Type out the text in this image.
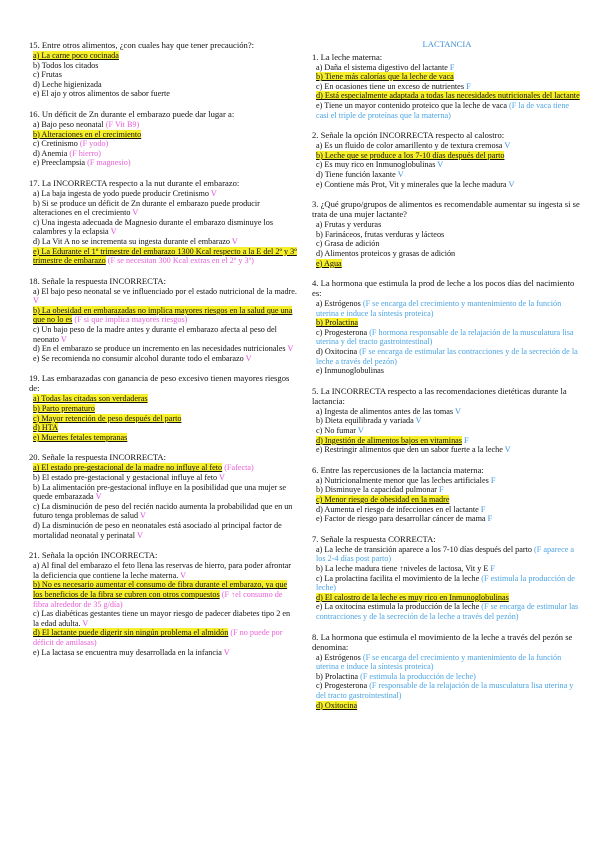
15. Entre otros alimentos, ¿con cuales hay que tener precaución?:
a) La carne poco cocinada
b) Todos los citados
c) Frutas
d) Leche higienizada
e) El ajo y otros alimentos de sabor fuerte
16. Un déficit de Zn durante el embarazo puede dar lugar a:
a) Bajo peso neonatal (F Vit B9)
b) Alteraciones en el crecimiento
c) Cretinismo (F yodo)
d) Anemia (F hierro)
e) Preeclampsia (F magnesio)
17. La INCORRECTA respecto a la nut durante el embarazo:
a) La baja ingesta de yodo puede producir Cretinismo V
b) Si se produce un déficit de Zn durante el embarazo puede producir alteraciones en el crecimiento V
c) Una ingesta adecuada de Magnesio durante el embarazo disminuye los calambres y la eclapsia V
d) La Vit A no se incrementa su ingesta durante el embarazo V
e) La Edurante el 1º trimestre del embarazo 1300 Kcal respecto a la E del 2º y 3º trimestre de embarazo (F se necesitan 300 Kcal extras en el 2º y 3º)
18. Señale la respuesta INCORRECTA:
a) El bajo peso neonatal se ve influenciado por el estado nutricional de la madre. V
b) La obesidad en embarazadas no implica mayores riesgos en la salud que una que no lo es (F si que implica mayores riesgos)
c) Un bajo peso de la madre antes y durante el embarazo afecta al peso del neonato V
d) En el embarazo se produce un incremento en las necesidades nutricionales V
e) Se recomienda no consumir alcohol durante todo el embarazo V
19. Las embarazadas con ganancia de peso excesivo tienen mayores riesgos de:
a) Todas las citadas son verdaderas
b) Parto prematuro
c) Mayor retención de peso después del parto
d) HTA
e) Muertes fetales tempranas
20. Señale la respuesta INCORRECTA:
a) El estado pre-gestacional de la madre no influye al feto (Fafecta)
b) El estado pre-gestacional y gestacional influye al feto V
b) La alimentación pre-gestacional influye en la posibilidad que una mujer se quede embarazada V
c) La disminución de peso del recién nacido aumenta la probabilidad que en un futuro tenga problemas de salud V
d) La disminución de peso en neonatales está asociado al principal factor de mortalidad neonatal y perinatal V
21. Señala la opción INCORRECTA:
a) Al final del embarazo el feto llena las reservas de hierro, para poder afrontar la deficiencia que contiene la leche materna. V
b) No es necesario aumentar el consumo de fibra durante el embarazo, ya que los beneficios de la fibra se cubren con otros compuestos (F ↑el consumo de fibra alrededor de 35 g/día)
c) Las diabéticas gestantes tiene un mayor riesgo de padecer diabetes tipo 2 en la edad adulta. V
d) El lactante puede digerir sin ningún problema el almidón (F no puede por déficit de amilasas)
e) La lactasa se encuentra muy desarrollada en la infancia V
LACTANCIA
1. La leche materna:
a) Daña el sistema digestivo del lactante F
b) Tiene más calorías que la leche de vaca
c) En ocasiones tiene un exceso de nutrientes F
d) Está especialmente adaptada a todas las necesidades nutricionales del lactante
e) Tiene un mayor contenido proteico que la leche de vaca (F la de vaca tiene casi el triple de proteínas que la materna)
2. Señale la opción INCORRECTA respecto al calostro:
a) Es un fluido de color amarillento y de textura cremosa V
b) Leche que se produce a los 7-10 días después del parto
c) Es muy rico en Inmunoglobulinas V
d) Tiene función laxante V
e) Contiene más Prot, Vit y minerales que la leche madura V
3. ¿Qué grupo/grupos de alimentos es recomendable aumentar su ingesta si se trata de una mujer lactante?
a) Frutas y verduras
b) Farináceos, frutas verduras y lácteos
c) Grasa de adición
d) Alimentos proteicos y grasas de adición
e) Agua
4. La hormona que estimula la prod de leche a los pocos días del nacimiento es:
a) Estrógenos (F se encarga del crecimiento y mantenimiento de la función uterina e induce la síntesis proteica)
b) Prolactina
c) Progesterona (F hormona responsable de la relajación de la musculatura lisa uterina y del tracto gastrointestinal)
d) Oxitocina (F se encarga de estimular las contracciones y de la secreción de la leche a través del pezón)
e) Inmunoglobulinas
5. La INCORRECTA respecto a las recomendaciones dietéticas durante la lactancia:
a) Ingesta de alimentos antes de las tomas V
b) Dieta equilibrada y variada V
c) No fumar V
d) Ingestión de alimentos bajos en vitaminas F
e) Restringir alimentos que den un sabor fuerte a la leche V
6. Entre las repercusiones de la lactancia materna:
a) Nutricionalmente menor que las leches artificiales F
b) Disminuye la capacidad pulmonar F
c) Menor riesgo de obesidad en la madre
d) Aumenta el riesgo de infecciones en el lactante F
e) Factor de riesgo para desarrollar cáncer de mama F
7. Señale la respuesta CORRECTA:
a) La leche de transición aparece a los 7-10 días después del parto (F aparece a los 2-4 días post parto)
b) La leche madura tiene ↑niveles de lactosa, Vit y E F
c) La prolactina facilita el movimiento de la leche (F estimula la producción de leche)
d) El calostro de la leche es muy rico en Inmunoglobulinas
e) La oxitocina estimula la producción de la leche (F se encarga de estimular las contracciones y de la secreción de la leche a través del pezón)
8. La hormona que estimula el movimiento de la leche a través del pezón se denomina:
a) Estrógenos (F se encarga del crecimiento y mantenimiento de la función uterina e induce la síntesis proteica)
b) Prolactina (F estimula la producción de leche)
c) Progesterona (F responsable de la relajación de la musculatura lisa uterina y del tracto gastrointestinal)
d) Oxitocina
